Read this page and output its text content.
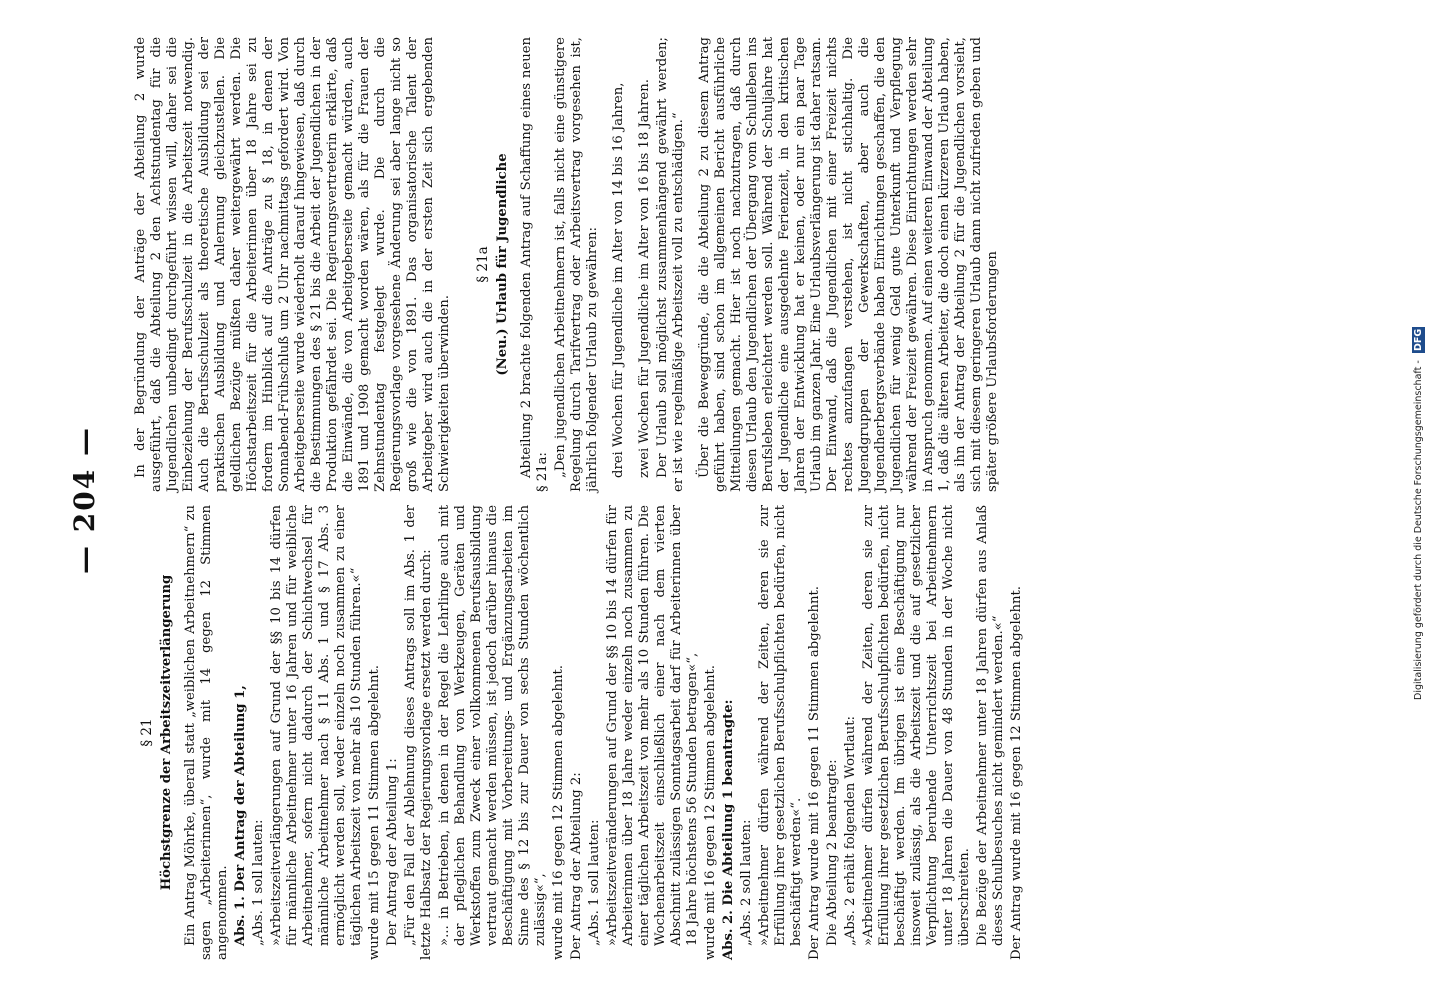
— 204 —
§ 21 Höchstgrenze der Arbeitszeitverlängerung Ein Antrag Möhrke, überall statt „weiblichen Arbeitnehmern“ zu sagen „Arbeiterinnen“, wurde mit 14 gegen 12 Stimmen angenommen. Abs. 1. Der Antrag der Abteilung 1, „Abs. 1 soll lauten: »Arbeitszeitverlängerungen auf Grund der §§ 10 bis 14 dürfen für männliche Arbeitnehmer unter 16 Jahren und für weibliche Arbeitnehmer, sofern nicht dadurch der Schichtwechsel für männliche Arbeitnehmer nach § 11 Abs. 1 und § 17 Abs. 3 ermöglicht werden soll, weder einzeln noch zusammen zu einer täglichen Arbeitszeit von mehr als 10 Stunden führen.«“ wurde mit 15 gegen 11 Stimmen abgelehnt. Der Antrag der Abteilung 1: „Für den Fall der Ablehnung dieses Antrags soll im Abs. 1 der letzte Halbsatz der Regierungsvorlage ersetzt werden durch: »... in Betrieben, in denen in der Regel die Lehrlinge auch mit der pfleglichen Behandlung von Werkzeugen, Geräten und Werkstoffen zum Zweck einer vollkommenen Berufsausbildung vertraut gemacht werden müssen, ist jedoch darüber hinaus die Beschäftigung mit Vorbereitungs- und Ergänzungsarbeiten im Sinne des § 12 bis zur Dauer von sechs Stunden wöchentlich zulässig«“, wurde mit 16 gegen 12 Stimmen abgelehnt. Der Antrag der Abteilung 2: „Abs. 1 soll lauten: »Arbeitszeitveränderungen auf Grund der §§ 10 bis 14 dürfen für Arbeiterinnen über 18 Jahre weder einzeln noch zusammen zu einer täglichen Arbeitszeit von mehr als 10 Stunden führen. Die Wochenarbeitszeit einschließlich einer nach dem vierten Abschnitt zulässigen Sonntagsarbeit darf für Arbeiterinnen über 18 Jahre höchstens 56 Stunden betragen«“, wurde mit 16 gegen 12 Stimmen abgelehnt. Abs. 2. Die Abteilung 1 beantragte: „Abs. 2 soll lauten: »Arbeitnehmer dürfen während der Zeiten, deren sie zur Erfüllung ihrer gesetzlichen Berufsschulpflichten bedürfen, nicht beschäftigt werden«“. Der Antrag wurde mit 16 gegen 11 Stimmen abgelehnt. Die Abteilung 2 beantragte: „Abs. 2 erhält folgenden Wortlaut: »Arbeitnehmer dürfen während der Zeiten, deren sie zur Erfüllung ihrer gesetzlichen Berufsschulpflichten bedürfen, nicht beschäftigt werden. Im übrigen ist eine Beschäftigung nur insoweit zulässig, als die Arbeitszeit und die auf gesetzlicher Verpflichtung beruhende Unterrichtszeit bei Arbeitnehmern unter 18 Jahren die Dauer von 48 Stunden in der Woche nicht überschreiten. Die Bezüge der Arbeitnehmer unter 18 Jahren dürfen aus Anlaß dieses Schulbesuches nicht gemindert werden.«“ Der Antrag wurde mit 16 gegen 12 Stimmen abgelehnt.

In der Begründung der Anträge der Abteilung 2 wurde ausgeführt, daß die Abteilung 2 den Achtstundentag für die Jugendlichen unbedingt durchgeführt wissen will, daher sei die Einbeziehung der Berufsschulzeit in die Arbeitszeit notwendig. Auch die Berufsschulzeit als theoretische Ausbildung sei der praktischen Ausbildung und Anlernung gleichzustellen. Die geldlichen Bezüge müßten daher weitergewährt werden. Die Höchstarbeitszeit für die Arbeiterinnen über 18 Jahre sei zu fordern im Hinblick auf die Anträge zu § 18, in denen der Sonnabend-Frühschluß um 2 Uhr nachmittags gefordert wird. Von Arbeitgeberseite wurde wiederholt darauf hingewiesen, daß durch die Bestimmungen des § 21 bis die Arbeit der Jugendlichen in der Produktion gefährdet sei. Die Regierungsvertreterin erklärte, daß die Einwände, die von Arbeitgeberseite gemacht würden, auch 1891 und 1908 gemacht worden wären, als für die Frauen der Zehnstundentag festgelegt wurde. Die durch die Regierungsvorlage vorgesehene Änderung sei aber lange nicht so groß wie die von 1891. Das organisatorische Talent der Arbeitgeber wird auch die in der ersten Zeit sich ergebenden Schwierigkeiten überwinden.

§ 21a (Neu.) Urlaub für Jugendliche Abteilung 2 brachte folgenden Antrag auf Schaffung eines neuen § 21a: „Den jugendlichen Arbeitnehmern ist, falls nicht eine günstigere Regelung durch Tarifvertrag oder Arbeitsvertrag vorgesehen ist, jährlich folgender Urlaub zu gewähren: drei Wochen für Jugendliche im Alter von 14 bis 16 Jahren, zwei Wochen für Jugendliche im Alter von 16 bis 18 Jahren. Der Urlaub soll möglichst zusammenhängend gewährt werden; er ist wie regelmäßige Arbeitszeit voll zu entschädigen.“ Über die Beweggründe, die die Abteilung 2 zu diesem Antrag geführt haben, sind schon im allgemeinen Bericht ausführliche Mitteilungen gemacht. Hier ist noch nachzutragen, daß durch diesen Urlaub den Jugendlichen der Übergang vom Schulleben ins Berufsleben erleichtert werden soll. Während der Schuljahre hat der Jugendliche eine ausgedehnte Ferienzeit, in den kritischen Jahren der Entwicklung hat er keinen, oder nur ein paar Tage Urlaub im ganzen Jahr. Eine Urlaubsverlängerung ist daher ratsam. Der Einwand, daß die Jugendlichen mit einer Freizeit nichts rechtes anzufangen verstehen, ist nicht stichhaltig. Die Jugendgruppen der Gewerkschaften, aber auch die Jugendherbergsverbände haben Einrichtungen geschaffen, die den Jugendlichen für wenig Geld gute Unterkunft und Verpflegung während der Freizeit gewähren. Diese Einrichtungen werden sehr in Anspruch genommen. Auf einen weiteren Einwand der Abteilung 1, daß die älteren Arbeiter, die doch einen kürzeren Urlaub haben, als ihn der Antrag der Abteilung 2 für die Jugendlichen vorsieht, sich mit diesem geringeren Urlaub dann nicht zufrieden geben und später größere Urlaubsforderungen	Digitalisierung gefördert durch die Deutsche Forschungsgemeinschaft - DFG
